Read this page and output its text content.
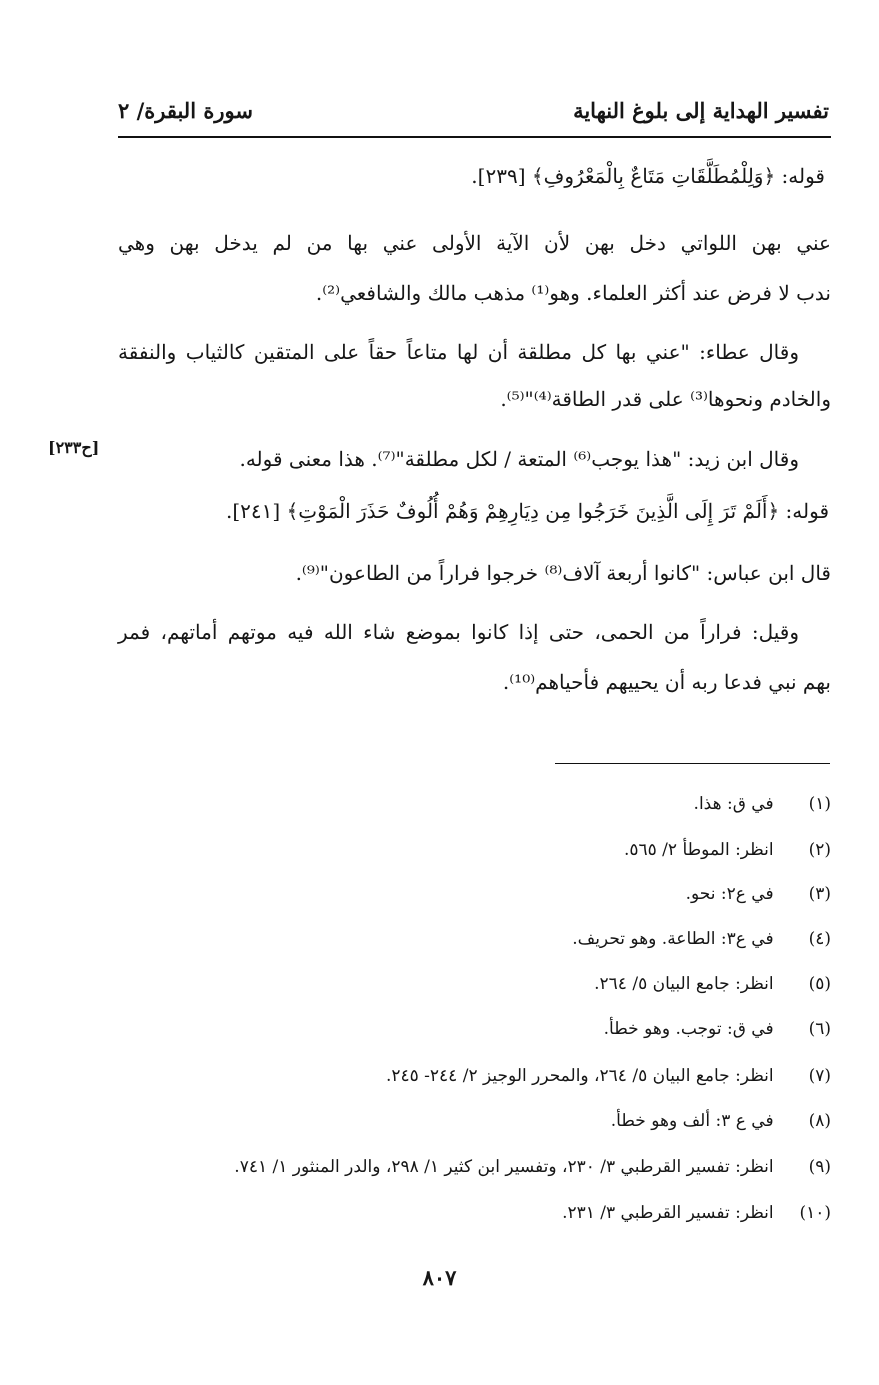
تفسير الهداية إلى بلوغ النهاية
سورة البقرة/ ٢
قوله: ﴿وَلِلْمُطَلَّقَاتِ مَتَاعٌ بِالْمَعْرُوفِ﴾ [٢٣٩].
عني بهن اللواتي دخل بهن لأن الآية الأولى عني بها من لم يدخل بهن وهي
ندب لا فرض عند أكثر العلماء. وهو⁽¹⁾ مذهب مالك والشافعي⁽²⁾.
وقال عطاء: "عني بها كل مطلقة أن لها متاعاً حقاً على المتقين كالثياب والنفقة
والخادم ونحوها⁽³⁾ على قدر الطاقة⁽⁴⁾"⁽⁵⁾.
وقال ابن زيد: "هذا يوجب⁽⁶⁾ المتعة / لكل مطلقة"⁽⁷⁾. هذا معنى قوله.
[ح٢٣٣]
قوله: ﴿أَلَمْ تَرَ إِلَى الَّذِينَ خَرَجُوا مِن دِيَارِهِمْ وَهُمْ أُلُوفٌ حَذَرَ الْمَوْتِ﴾ [٢٤١].
قال ابن عباس: "كانوا أربعة آلاف⁽⁸⁾ خرجوا فراراً من الطاعون"⁽⁹⁾.
وقيل: فراراً من الحمى، حتى إذا كانوا بموضع شاء الله فيه موتهم أماتهم، فمر
بهم نبي فدعا ربه أن يحييهم فأحياهم⁽¹⁰⁾.
(١) في ق: هذا.
(٢) انظر: الموطأ ٢/ ٥٦٥.
(٣) في ع٢: نحو.
(٤) في ع٣: الطاعة. وهو تحريف.
(٥) انظر: جامع البيان ٥/ ٢٦٤.
(٦) في ق: توجب. وهو خطأ.
(٧) انظر: جامع البيان ٥/ ٢٦٤، والمحرر الوجيز ٢/ ٢٤٤- ٢٤٥.
(٨) في ع ٣: ألف وهو خطأ.
(٩) انظر: تفسير القرطبي ٣/ ٢٣٠، وتفسير ابن كثير ١/ ٢٩٨، والدر المنثور ١/ ٧٤١.
(١٠) انظر: تفسير القرطبي ٣/ ٢٣١.
٨٠٧
